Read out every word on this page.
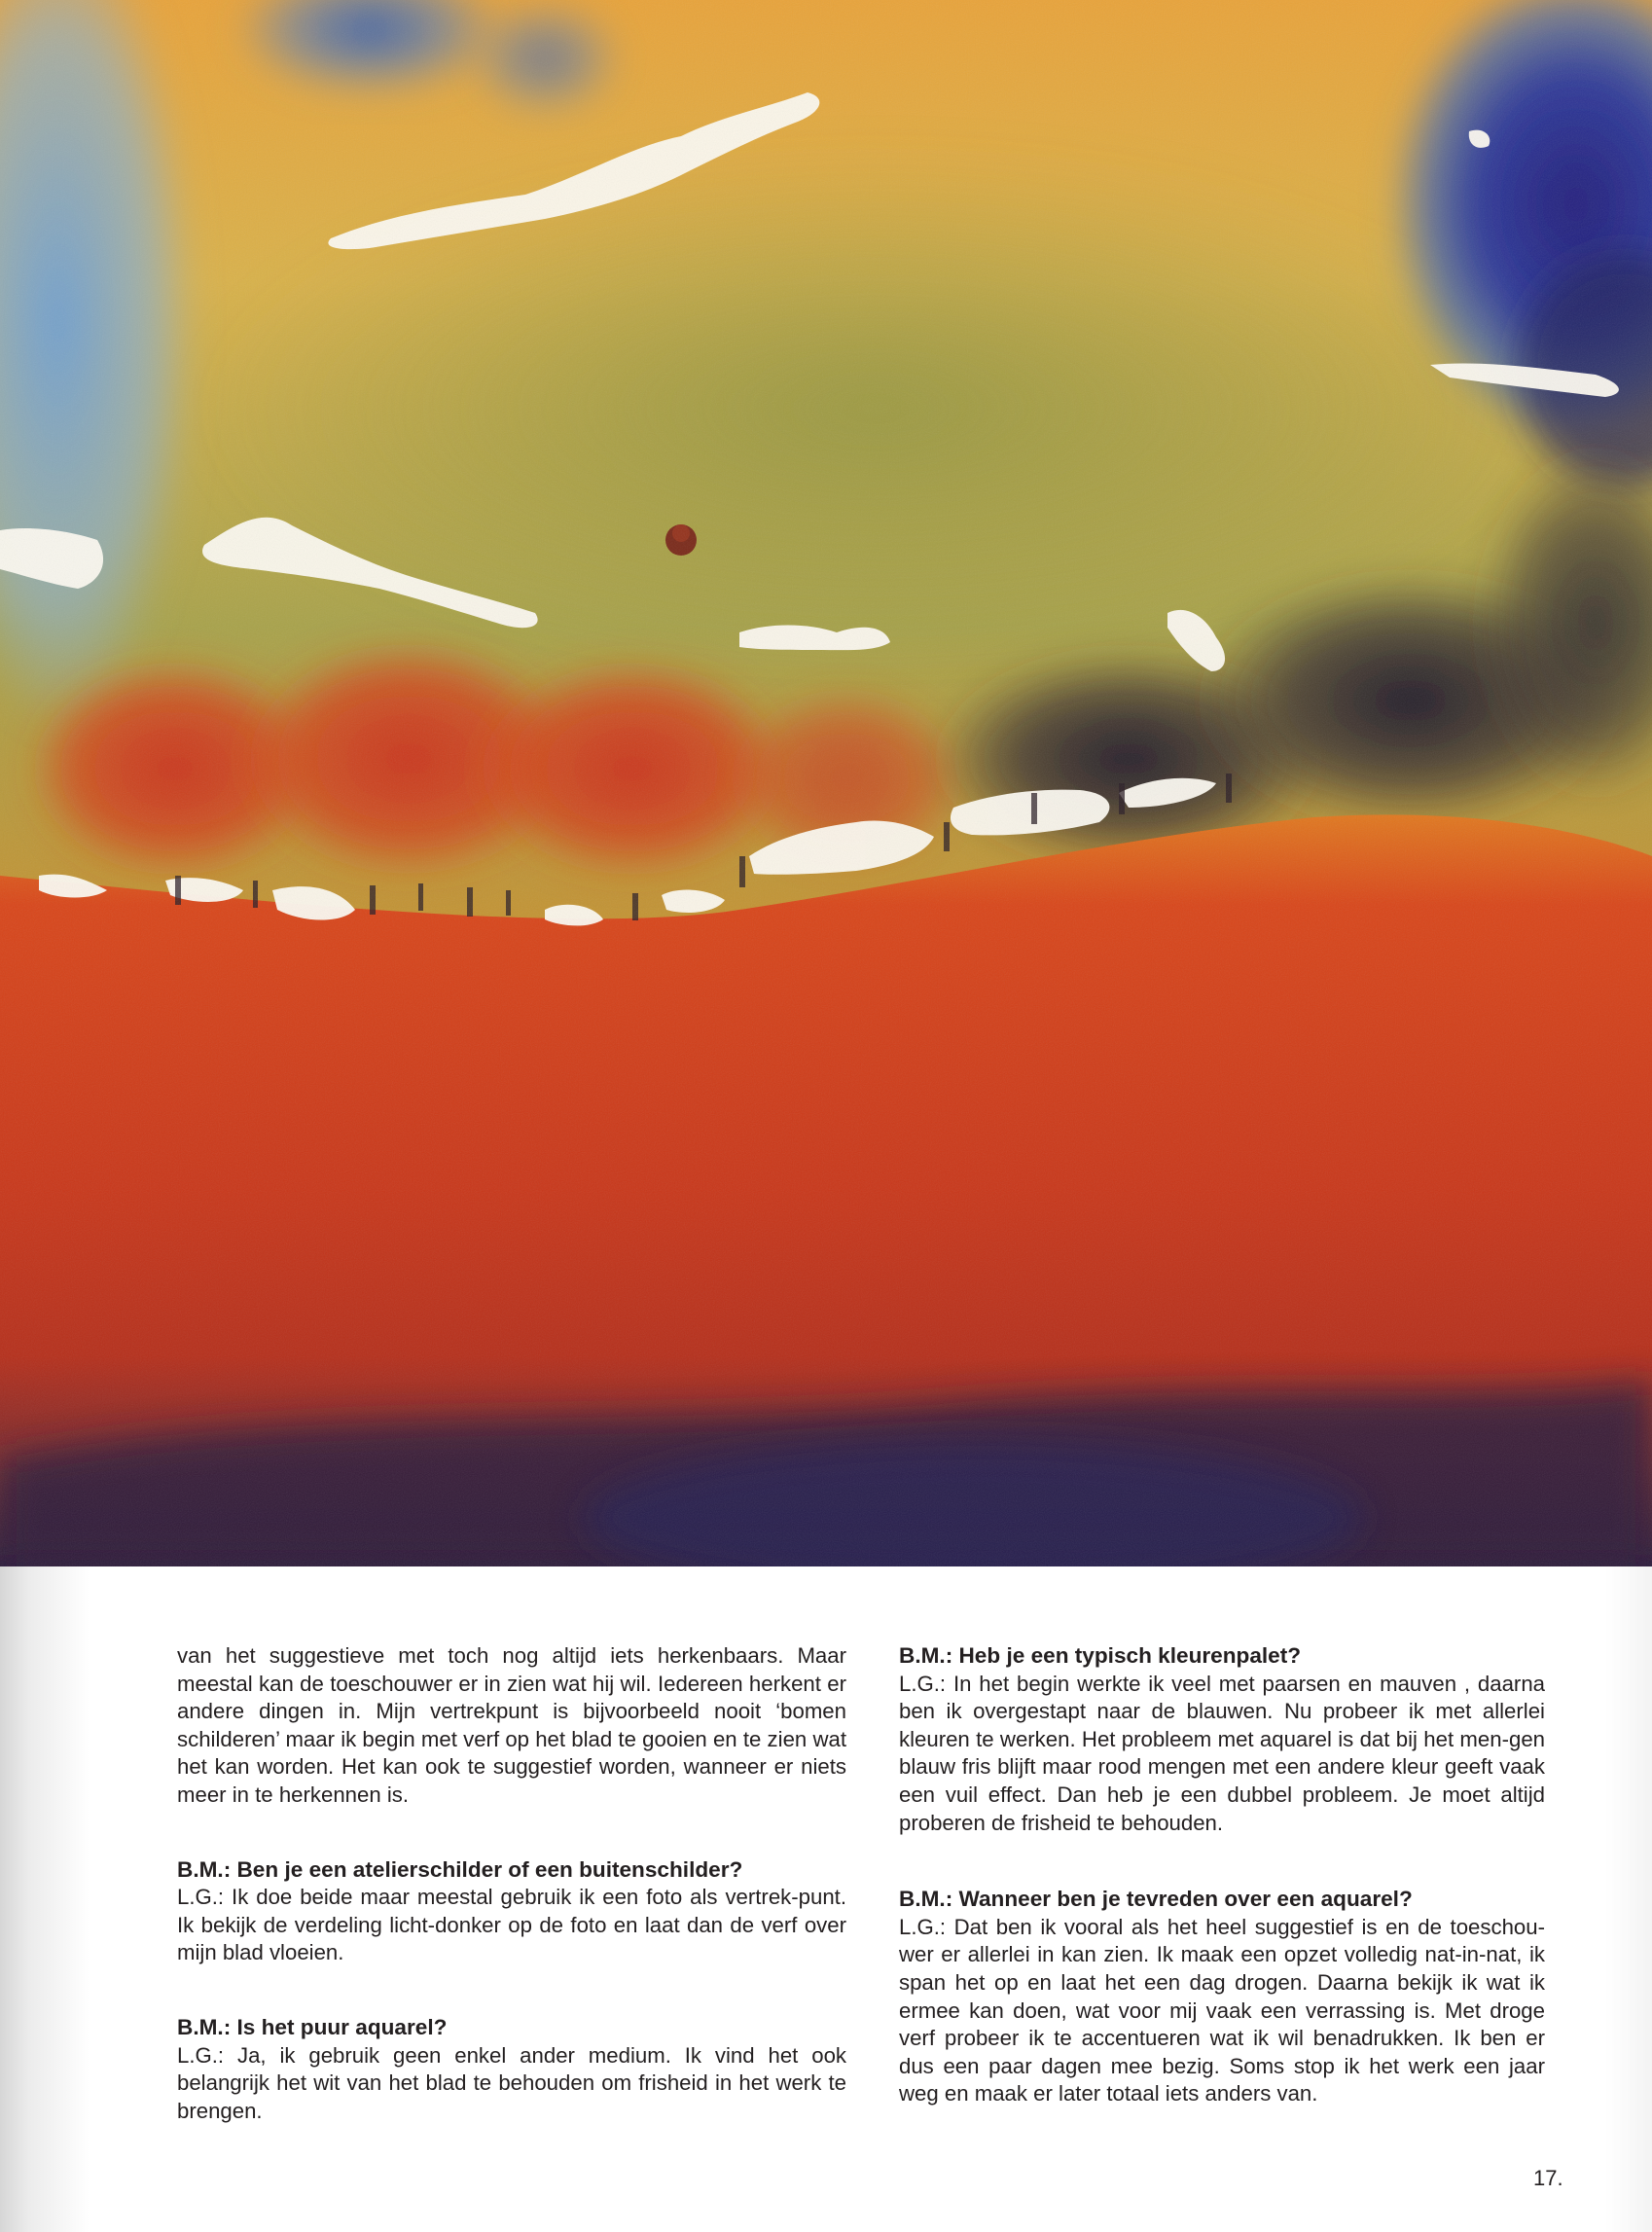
van het suggestieve met toch nog altijd iets herkenbaars. Maar meestal kan de toeschouwer er in zien wat hij wil. Iedereen herkent er andere dingen in. Mijn vertrekpunt is bijvoorbeeld nooit ‘bomen schilderen’ maar ik begin met verf op het blad te gooien en te zien wat het kan worden. Het kan ook te suggestief worden, wanneer er niets meer in te herkennen is.

B.M.: Ben je een atelierschilder of een buitenschilder?

L.G.: Ik doe beide maar meestal gebruik ik een foto als vertrek-punt. Ik bekijk de verdeling licht-donker op de foto en laat dan de verf over mijn blad vloeien.

B.M.: Is het puur aquarel?

L.G.: Ja, ik gebruik geen enkel ander medium. Ik vind het ook belangrijk het wit van het blad te behouden om frisheid in het werk te brengen.

B.M.: Heb je een typisch kleurenpalet?

L.G.: In het begin werkte ik veel met paarsen en mauven , daarna ben ik overgestapt naar de blauwen. Nu probeer ik met allerlei kleuren te werken. Het probleem met aquarel is dat bij het men-gen blauw fris blijft maar rood mengen met een andere kleur geeft vaak een vuil effect. Dan heb je een dubbel probleem. Je moet altijd proberen de frisheid te behouden.

B.M.: Wanneer ben je tevreden over een aquarel?

L.G.: Dat ben ik vooral als het heel suggestief is en de toeschou-wer er allerlei in kan zien. Ik maak een opzet volledig nat-in-nat, ik span het op en laat het een dag drogen. Daarna bekijk ik wat ik ermee kan doen, wat voor mij vaak een verrassing is. Met droge verf probeer ik te accentueren wat ik wil benadrukken. Ik ben er dus een paar dagen mee bezig. Soms stop ik het werk een jaar weg en maak er later totaal iets anders van.

17.
